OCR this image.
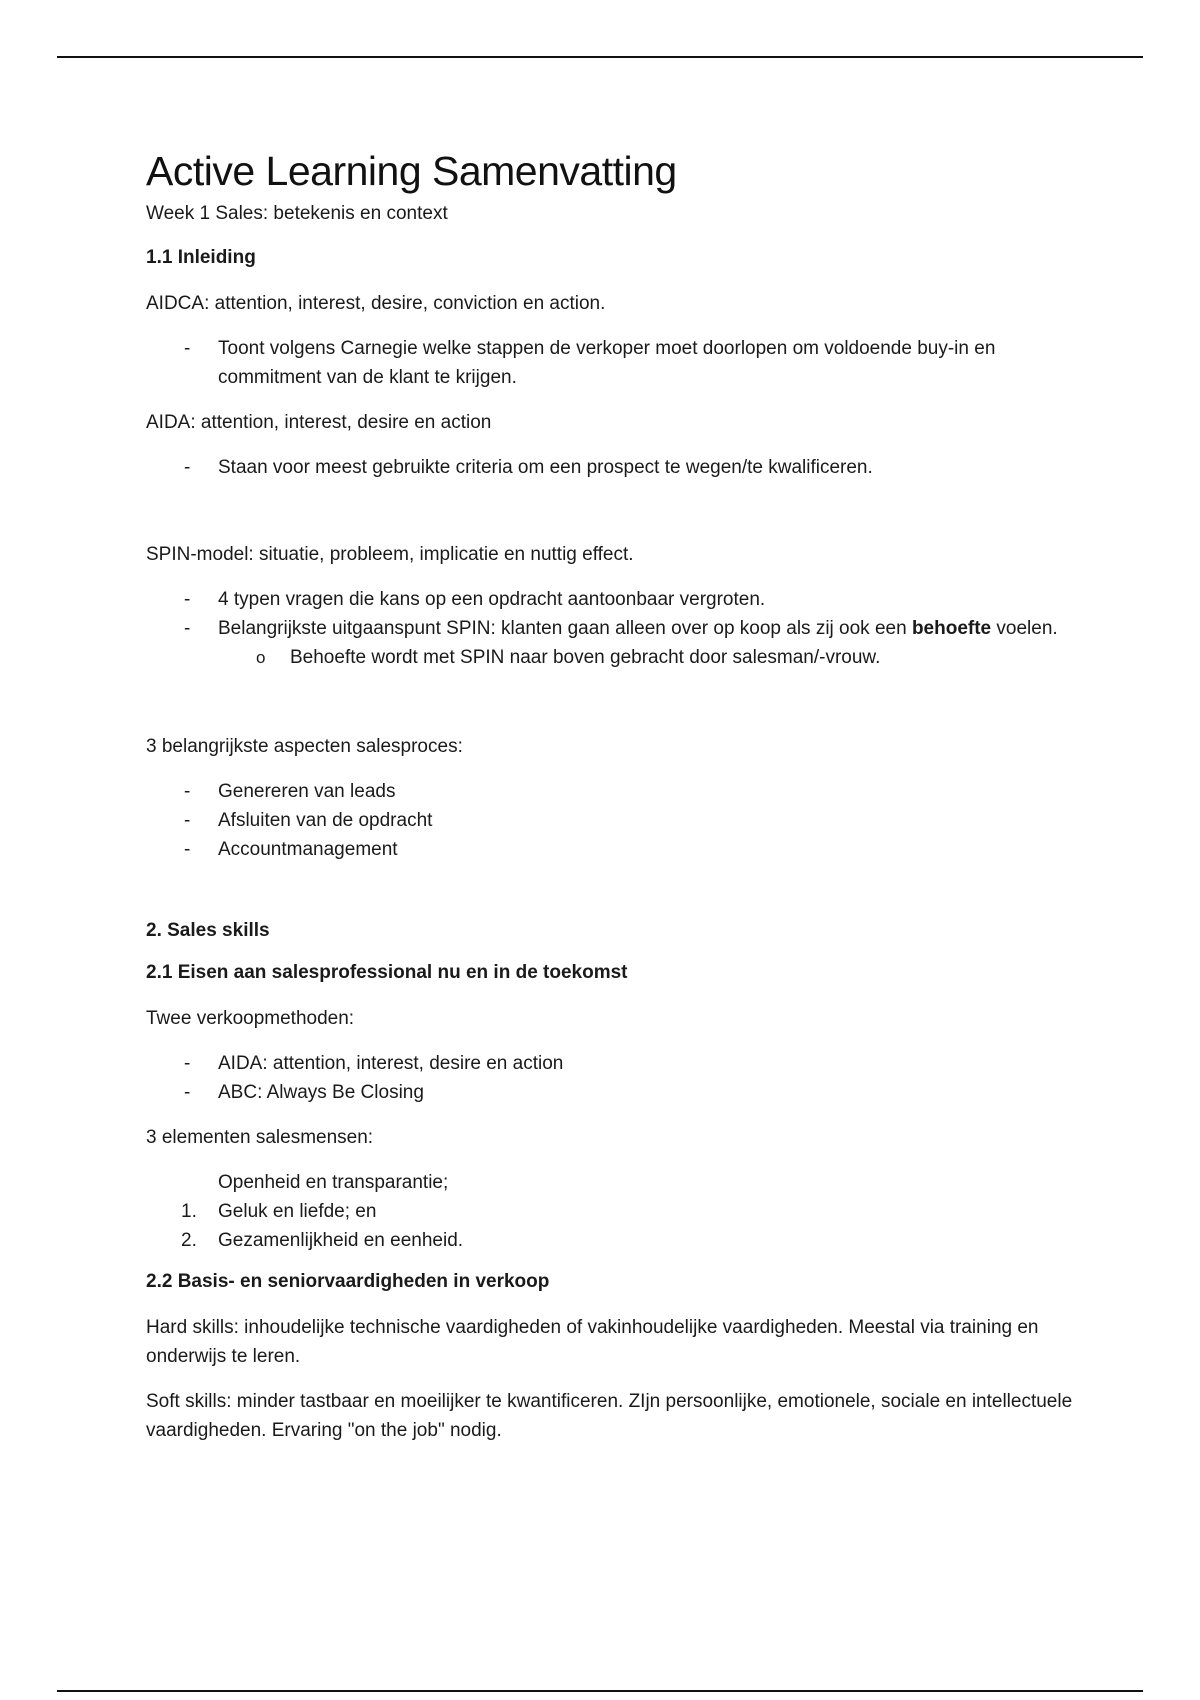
Active Learning Samenvatting
Week 1 Sales: betekenis en context
1.1 Inleiding

AIDCA: attention, interest, desire, conviction en action.

- Toont volgens Carnegie welke stappen de verkoper moet doorlopen om voldoende buy-in en commitment van de klant te krijgen.

AIDA: attention, interest, desire en action

- Staan voor meest gebruikte criteria om een prospect te wegen/te kwalificeren.

SPIN-model: situatie, probleem, implicatie en nuttig effect.

- 4 typen vragen die kans op een opdracht aantoonbaar vergroten.
- Belangrijkste uitgaanspunt SPIN: klanten gaan alleen over op koop als zij ook een behoefte voelen.
o Behoefte wordt met SPIN naar boven gebracht door salesman/-vrouw.

3 belangrijkste aspecten salesproces:

- Genereren van leads
- Afsluiten van de opdracht
- Accountmanagement
2. Sales skills
2.1 Eisen aan salesprofessional nu en in de toekomst

Twee verkoopmethoden:

- AIDA: attention, interest, desire en action
- ABC: Always Be Closing

3 elementen salesmensen:

Openheid en transparantie;
1. Geluk en liefde; en
2. Gezamenlijkheid en eenheid.
2.2 Basis- en seniorvaardigheden in verkoop

Hard skills: inhoudelijke technische vaardigheden of vakinhoudelijke vaardigheden. Meestal via training en onderwijs te leren.

Soft skills: minder tastbaar en moeilijker te kwantificeren. ZIjn persoonlijke, emotionele, sociale en intellectuele vaardigheden. Ervaring "on the job" nodig.
